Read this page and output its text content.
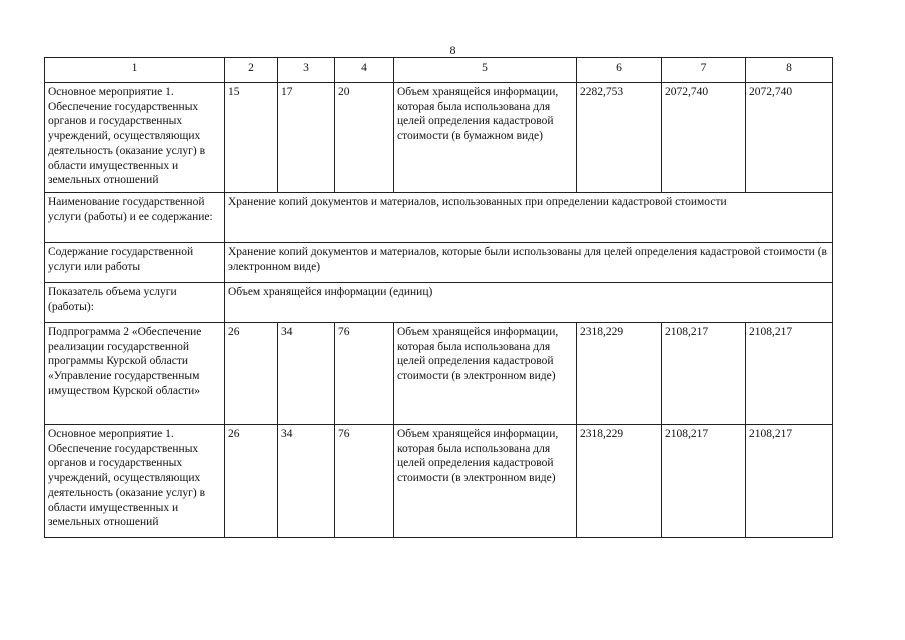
8
1	2	3	4	5	6	7	8
Основное мероприятие 1. Обеспечение государственных органов и государственных учреждений, осуществляющих деятельность (оказание услуг) в области имущественных и земельных отношений	15	17	20	Объем хранящейся информации, которая была использована для целей определения кадастровой стоимости (в бумажном виде)	2282,753	2072,740	2072,740
Наименование государственной услуги (работы) и ее содержание:	Хранение копий документов и материалов, использованных при определении кадастровой стоимости						
Содержание государственной услуги или работы	Хранение копий документов и материалов, которые были использованы для целей определения кадастровой стоимости (в электронном виде)						
Показатель объема услуги (работы):	Объем хранящейся информации (единиц)						
Подпрограмма 2 «Обеспечение реализации государственной программы Курской области «Управление государственным имуществом Курской области»	26	34	76	Объем хранящейся информации, которая была использована для целей определения кадастровой стоимости (в электронном виде)	2318,229	2108,217	2108,217
Основное мероприятие 1. Обеспечение государственных органов и государственных учреждений, осуществляющих деятельность (оказание услуг) в области имущественных и земельных отношений	26	34	76	Объем хранящейся информации, которая была использована для целей определения кадастровой стоимости (в электронном виде)	2318,229	2108,217	2108,217
